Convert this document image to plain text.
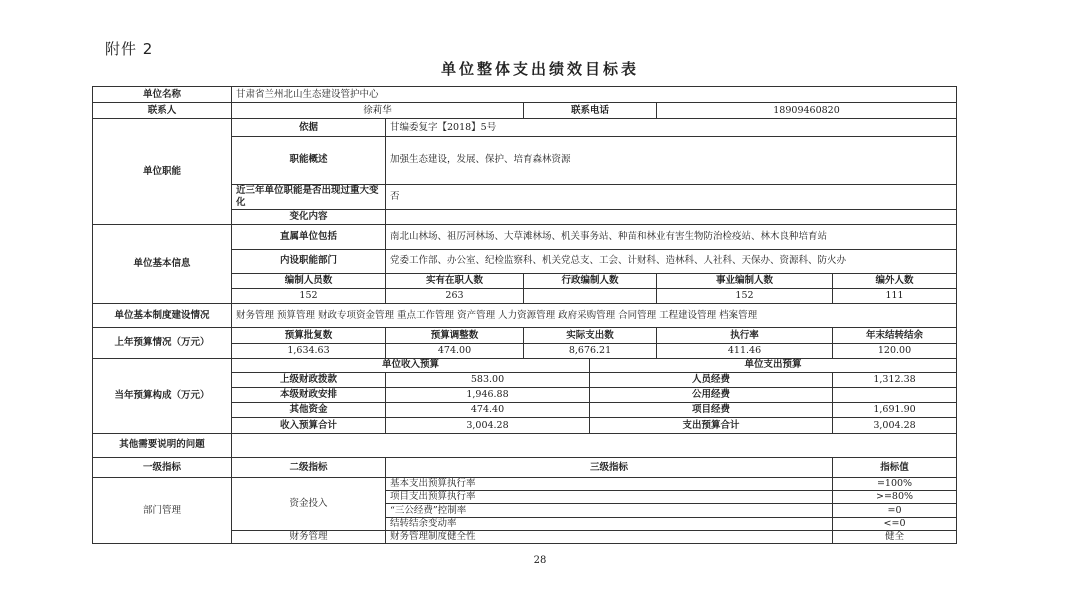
附件 2
单位整体支出绩效目标表
单位名称	甘肃省兰州北山生态建设管护中心					
联系人	徐莉华		联系电话		18909460820	
单位职能	依据	甘编委复字【2018】5号				
	职能概述	加强生态建设，发展、保护、培育森林资源				
	近三年单位职能是否出现过重大变化	否				
	变化内容					
单位基本信息	直属单位包括	南北山林场、祖厉河林场、大草滩林场、机关事务站、种苗和林业有害生物防治检疫站、林木良种培育站				
	内设职能部门	党委工作部、办公室、纪检监察科、机关党总支、工会、计财科、造林科、人社科、天保办、资源科、防火办				
	编制人员数	实有在职人数	行政编制人数		事业编制人数	编外人数
	152	263			152	111
单位基本制度建设情况	财务管理 预算管理 财政专项资金管理 重点工作管理 资产管理 人力资源管理 政府采购管理 合同管理 工程建设管理 档案管理					
上年预算情况（万元）	预算批复数	预算调整数	实际支出数		执行率	年末结转结余
	1,634.63	474.00	8,676.21		411.46	120.00
当年预算构成（万元）	单位收入预算			单位支出预算		
	上级财政拨款	583.00		人员经费		1,312.38
	本级财政安排	1,946.88		公用经费		
	其他资金	474.40		项目经费		1,691.90
	收入预算合计	3,004.28		支出预算合计		3,004.28
其他需要说明的问题						
一级指标	二级指标	三级指标				指标值
部门管理	资金投入	基本支出预算执行率				=100%
		项目支出预算执行率				>=80%
		“三公经费”控制率				=0
		结转结余变动率				<=0
	财务管理	财务管理制度健全性				健全
28
